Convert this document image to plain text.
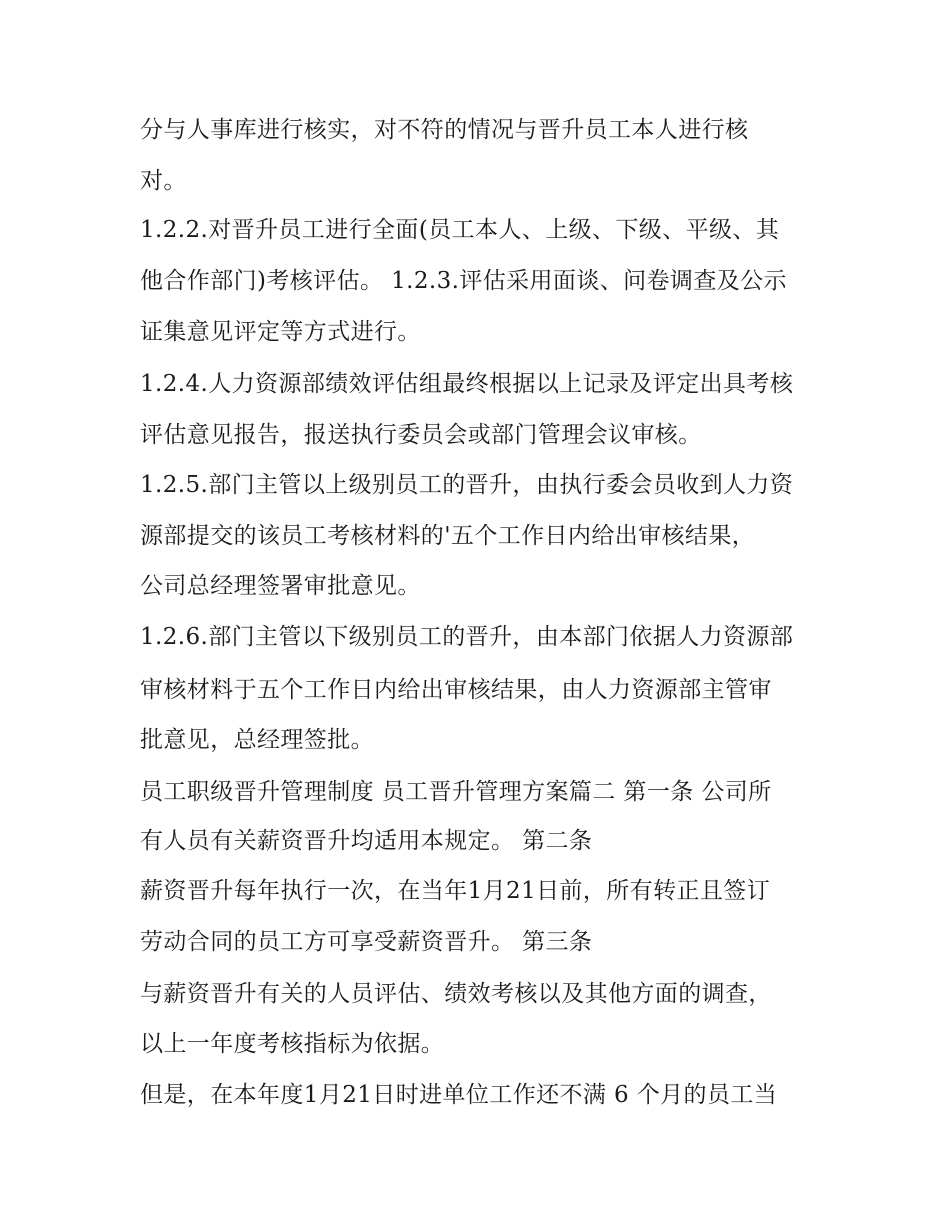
分与人事库进行核实，对不符的情况与晋升员工本人进行核
对。
1.2.2.对晋升员工进行全面(员工本人、上级、下级、平级、其
他合作部门)考核评估。 1.2.3.评估采用面谈、问卷调查及公示
证集意见评定等方式进行。
1.2.4.人力资源部绩效评估组最终根据以上记录及评定出具考核
评估意见报告，报送执行委员会或部门管理会议审核。
1.2.5.部门主管以上级别员工的晋升，由执行委会员收到人力资
源部提交的该员工考核材料的'五个工作日内给出审核结果，
公司总经理签署审批意见。
1.2.6.部门主管以下级别员工的晋升，由本部门依据人力资源部
审核材料于五个工作日内给出审核结果，由人力资源部主管审
批意见，总经理签批。
员工职级晋升管理制度 员工晋升管理方案篇二 第一条 公司所
有人员有关薪资晋升均适用本规定。 第二条
薪资晋升每年执行一次，在当年1月21日前，所有转正且签订
劳动合同的员工方可享受薪资晋升。 第三条
与薪资晋升有关的人员评估、绩效考核以及其他方面的调查，
以上一年度考核指标为依据。
但是，在本年度1月21日时进单位工作还不满 6 个月的员工当
